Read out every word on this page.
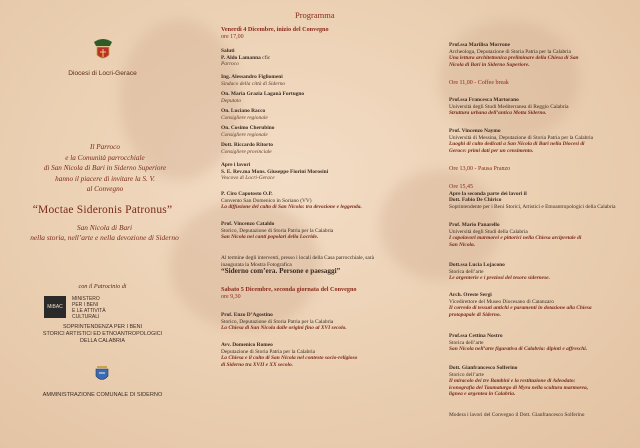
Diocesi di Locri-Gerace
Il Parroco
e la Comunità parrocchiale
di San Nicola di Bari in Siderno Superiore
hanno il piacere di invitare la S. V.
al Convegno
“Moctae Sideronis Patronus”
San Nicola di Bari
nella storia, nell’arte e nella devozione di Siderno
con il Patrocinio di
MiBAC
MINISTERO
PER I BENI
E LE ATTIVITÀ
CULTURALI
SOPRINTENDENZA PER I BENI
STORICI ARTISTICI ED ETNOANTROPOLOGICI
DELLA CALABRIA
AMMINISTRAZIONE COMUNALE DI SIDERNO
Programma
Venerdì 4 Dicembre, inizio del Convegno
ore 17,00
Saluti
P. Aldo Lamanna cfic
Parroco
Ing. Alessandro Figliomeni
Sindaco della città di Siderno
On. Maria Grazia Laganà Fortugno
Deputato
On. Luciano Racco
Consigliere regionale
On. Cosimo Cherubino
Consigliere regionale
Dott. Riccardo Ritorto
Consigliere provinciale
Apre i lavori
S. E. Rev.ma Mons. Giuseppe Fiorini Morosini
Vescovo di Locri-Gerace
P. Ciro Capotosto O.P.
Convento San Domenico in Soriano (VV)
La diffusione del culto di San Nicola: tra devozione e leggenda.
Prof. Vincenzo Cataldo
Storico, Deputazione di Storia Patria per la Calabria
San Nicola nei canti popolari della Locride.
Al termine degli interventi, presso i locali della Casa parrocchiale, sarà
inaugurata la Mostra Fotografica
“Siderno com’era. Persone e paesaggi”
Sabato 5 Dicembre, seconda giornata del Convegno
ore 9,30
Prof. Enzo D’Agostino
Storico, Deputazione di Storia Patria per la Calabria
La Chiesa di San Nicola dalle origini fino al XVI secolo.
Avv. Domenico Romeo
Deputazione di Storia Patria per la Calabria
La Chiesa e il culto di San Nicola nel contesto socio-religioso
di Siderno tra XVII e XX secolo.
Prof.ssa Marilisa Morrone
Archeologa, Deputazione di Storia Patria per la Calabria
Una lettura architettonica preliminare della Chiesa di San
Nicola di Bari in Siderno Superiore.
Ore 11,00 - Coffee break
Prof.ssa Francesca Martorano
Università degli Studi Mediterranea di Reggio Calabria
Struttura urbana dell’antica Motta Siderno.
Prof. Vincenzo Naymo
Università di Messina, Deputazione di Storia Patria per la Calabria
Luoghi di culto dedicati a San Nicola di Bari nella Diocesi di
Gerace: primi dati per un censimento.
Ore 13,00 - Pausa Pranzo
Ore 15,45
Apre la seconda parte dei lavori il
Dott. Fabio De Chirico
Soprintendente per i Beni Storici, Artistici e Etnoantropologici della Calabria
Prof. Mario Panarello
Università degli Studi della Calabria
I capolavori marmorei e pittorici nella Chiesa arcipretale di
San Nicola.
Dott.ssa Lucia Lojacono
Storica dell’arte
Le argenterie e i preziosi del tesoro sidernese.
Arch. Oreste Sergi
Vicedirettore del Museo Diocesano di Catanzaro
Il corredo di tessuti antichi e paramenti in dotazione alla Chiesa
protopapale di Siderno.
Prof.ssa Cettina Nostro
Storica dell’arte
San Nicola nell’arte figurativa di Calabria: dipinti e affreschi.
Dott. Gianfrancesco Solferino
Storico dell’arte
Il miracolo dei tre Bambini e la restituzione di Adeodato:
iconografia del Taumaturgo di Myra nella scultura marmorea,
lignea e argentea in Calabria.
Modera i lavori del Convegno il Dott. Gianfrancesco Solferino
